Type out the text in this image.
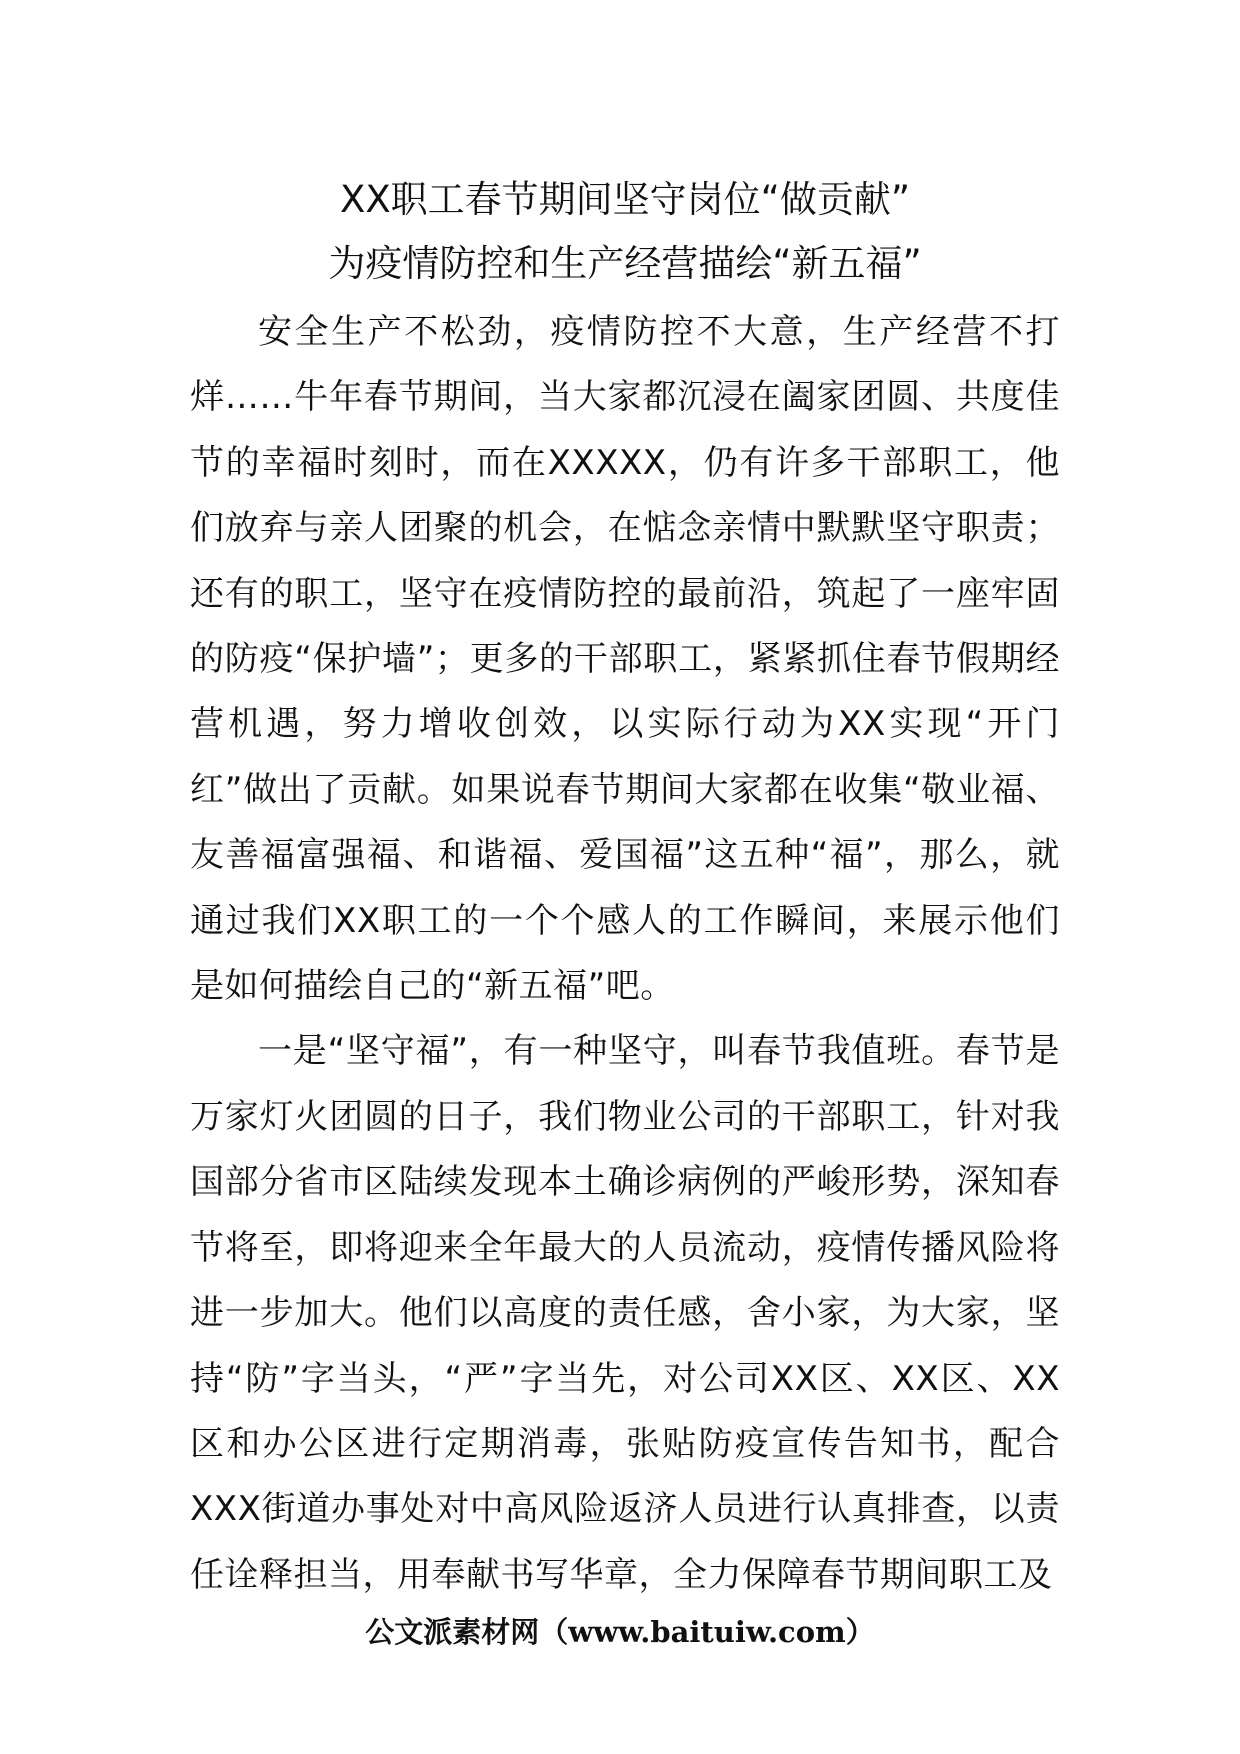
XX职工春节期间坚守岗位“做贡献”
为疫情防控和生产经营描绘“新五福”

安全生产不松劲，疫情防控不大意，生产经营不打烊……牛年春节期间，当大家都沉浸在阖家团圆、共度佳节的幸福时刻时，而在XXXXX，仍有许多干部职工，他们放弃与亲人团聚的机会，在惦念亲情中默默坚守职责；还有的职工，坚守在疫情防控的最前沿，筑起了一座牢固的防疫“保护墙”；更多的干部职工，紧紧抓住春节假期经营机遇，努力增收创效，以实际行动为XX实现“开门红”做出了贡献。如果说春节期间大家都在收集“敬业福、友善福富强福、和谐福、爱国福”这五种“福”，那么，就通过我们XX职工的一个个感人的工作瞬间，来展示他们是如何描绘自己的“新五福”吧。

一是“坚守福”，有一种坚守，叫春节我值班。春节是万家灯火团圆的日子，我们物业公司的干部职工，针对我国部分省市区陆续发现本土确诊病例的严峻形势，深知春节将至，即将迎来全年最大的人员流动，疫情传播风险将进一步加大。他们以高度的责任感，舍小家，为大家，坚持“防”字当头，“严”字当先，对公司XX区、XX区、XX区和办公区进行定期消毒，张贴防疫宣传告知书，配合XXX街道办事处对中高风险返济人员进行认真排查，以责任诠释担当，用奉献书写华章，全力保障春节期间职工及

公文派素材网（www.baituiw.com）
